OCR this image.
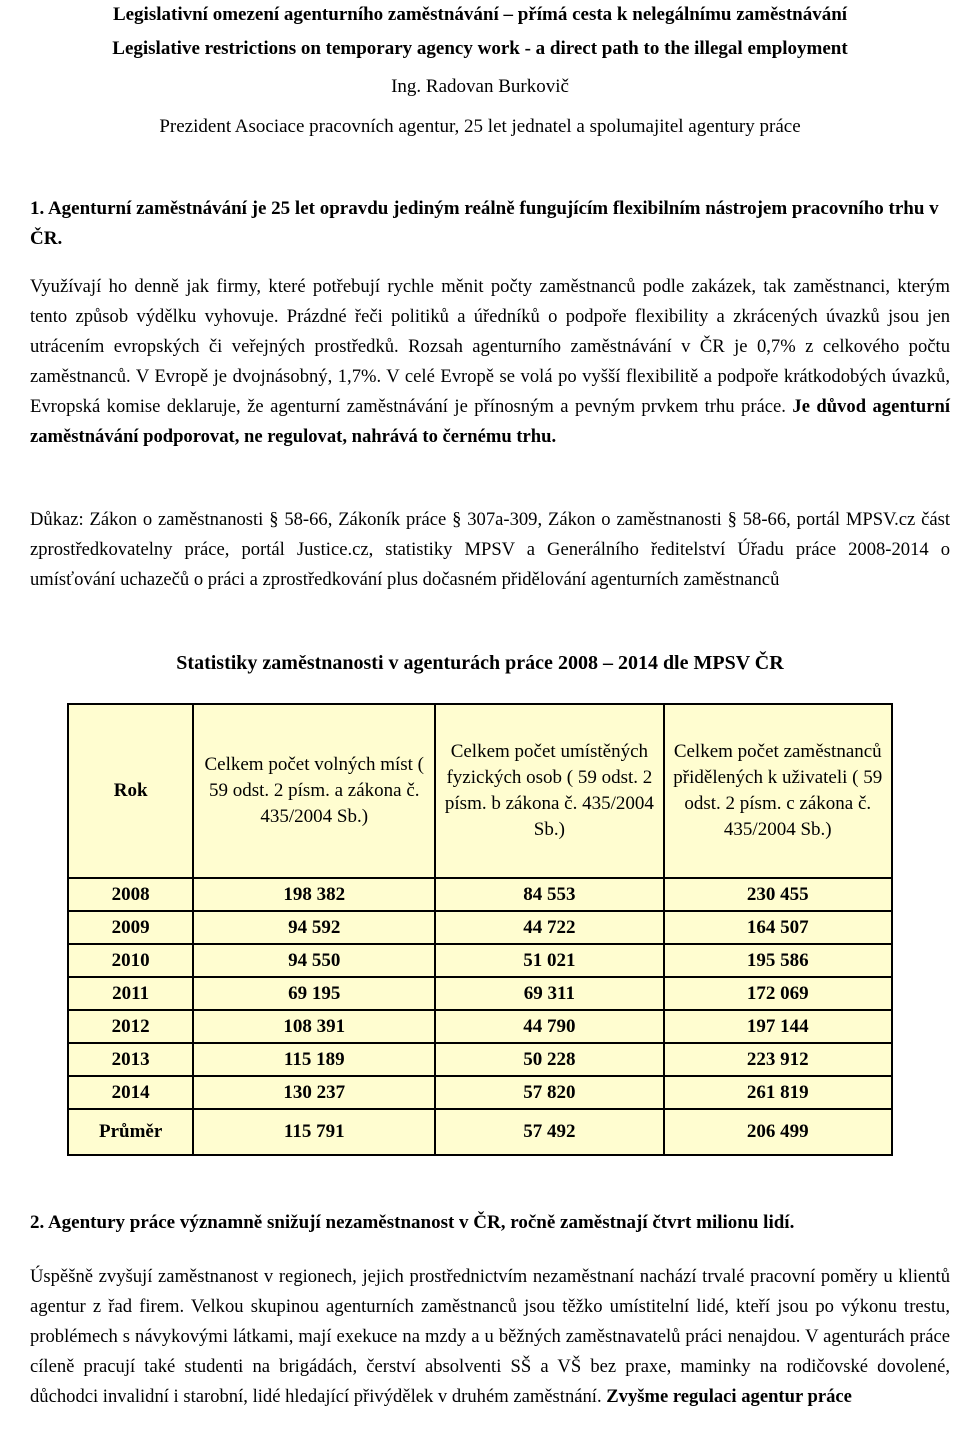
Legislativní omezení agenturního zaměstnávání – přímá cesta k nelegálnímu zaměstnávání

Legislative restrictions on temporary agency work - a direct path to the illegal employment

Ing. Radovan Burkovič

Prezident Asociace pracovních agentur, 25 let jednatel a spolumajitel agentury práce

1. Agenturní zaměstnávání je 25 let opravdu jediným reálně fungujícím flexibilním nástrojem pracovního trhu v ČR.

Využívají ho denně jak firmy, které potřebují rychle měnit počty zaměstnanců podle zakázek, tak zaměstnanci, kterým tento způsob výdělku vyhovuje. Prázdné řeči politiků a úředníků o podpoře flexibility a zkrácených úvazků jsou jen utrácením evropských či veřejných prostředků. Rozsah agenturního zaměstnávání v ČR je 0,7% z celkového počtu zaměstnanců. V Evropě je dvojnásobný, 1,7%. V celé Evropě se volá po vyšší flexibilitě a podpoře krátkodobých úvazků, Evropská komise deklaruje, že agenturní zaměstnávání je přínosným a pevným prvkem trhu práce. Je důvod agenturní zaměstnávání podporovat, ne regulovat, nahrává to černému trhu.

Důkaz: Zákon o zaměstnanosti § 58-66, Zákoník práce § 307a-309, Zákon o zaměstnanosti § 58-66, portál MPSV.cz část zprostředkovatelny práce, portál Justice.cz, statistiky MPSV a Generálního ředitelství Úřadu práce 2008-2014 o umísťování uchazečů o práci a zprostředkování plus dočasném přidělování agenturních zaměstnanců

Statistiky zaměstnanosti v agenturách práce 2008 – 2014 dle MPSV ČR

Rok	Celkem počet volných míst ( 59 odst. 2 písm. a zákona č. 435/2004 Sb.)	Celkem počet umístěných fyzických osob ( 59 odst. 2 písm. b zákona č. 435/2004 Sb.)	Celkem počet zaměstnanců přidělených k uživateli ( 59 odst. 2 písm. c zákona č. 435/2004 Sb.)
2008	198 382	84 553	230 455
2009	94 592	44 722	164 507
2010	94 550	51 021	195 586
2011	69 195	69 311	172 069
2012	108 391	44 790	197 144
2013	115 189	50 228	223 912
2014	130 237	57 820	261 819
Průměr	115 791	57 492	206 499

2. Agentury práce významně snižují nezaměstnanost v ČR, ročně zaměstnají čtvrt milionu lidí.

Úspěšně zvyšují zaměstnanost v regionech, jejich prostřednictvím nezaměstnaní nachází trvalé pracovní poměry u klientů agentur z řad firem. Velkou skupinou agenturních zaměstnanců jsou těžko umístitelní lidé, kteří jsou po výkonu trestu, problémech s návykovými látkami, mají exekuce na mzdy a u běžných zaměstnavatelů práci nenajdou. V agenturách práce cíleně pracují také studenti na brigádách, čerství absolventi SŠ a VŠ bez praxe, maminky na rodičovské dovolené, důchodci invalidní i starobní, lidé hledající přivýdělek v druhém zaměstnání. Zvyšme regulaci agentur práce
